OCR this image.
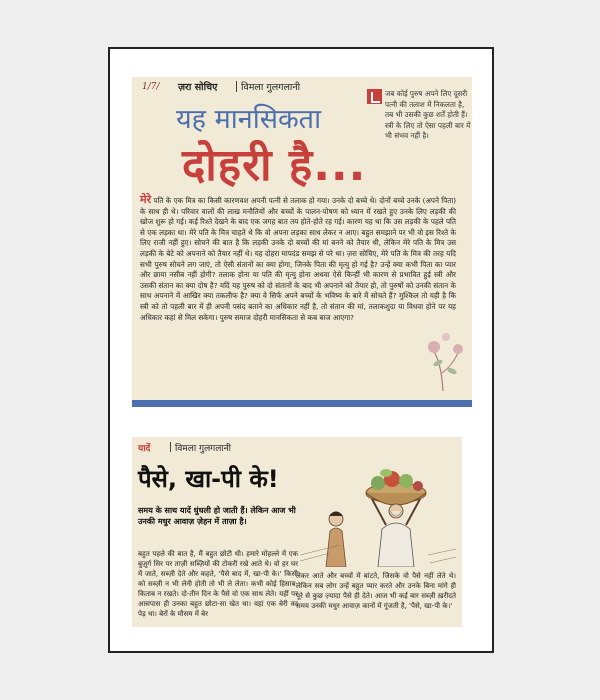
1/7/ ज़रा सोचिए विमला गुलगलानी
यह मानसिकता
दोहरी है...
जब कोई पुरुष अपने लिए दूसरी पत्नी की तलाश में निकलता है, तब भी उसकी कुछ शर्तें होती हैं। स्त्री के लिए तो ऐसा पहली बार में भी संभव नहीं है।
मेरे पति के एक मित्र का किसी कारणवश अपनी पत्नी से तलाक हो गया। उनके दो बच्चे थे। दोनों बच्चे उनके (अपने पिता) के साथ ही थे। परिवार वालों की लाख मनौतियों और बच्चों के पालन-पोषण को ध्यान में रखते हुए उनके लिए लड़की की खोज शुरू हो गई। कई रिश्ते देखने के बाद एक जगह बात तय होते-होते रह गई। कारण यह था कि उस लड़की के पहले पति से एक लड़का था। मेरे पति के मित्र चाहते थे कि वो अपना लड़का साथ लेकर न आए। बहुत समझाने पर भी वो इस रिश्ते के लिए राजी नहीं हुए। सोचने की बात है कि लड़की उनके दो बच्चों की मां बनने को तैयार थी, लेकिन मेरे पति के मित्र उस लड़की के बेटे को अपनाने को तैयार नहीं थे। यह दोहरा मापदंड समझ से परे था। ज़रा सोचिए, मेरे पति के मित्र की तरह यदि सभी पुरुष सोचने लग जाएं, तो ऐसी संतानों का क्या होगा, जिनके पिता की मृत्यु हो गई है? उन्हें क्या कभी पिता का प्यार और छाया नसीब नहीं होगी? तलाक होना या पति की मृत्यु होना अथवा ऐसे किन्हीं भी कारण से प्रभावित हुई स्त्री और उसकी संतान का क्या दोष है? यदि यह पुरुष को दो संतानों के बाद भी अपनाने को तैयार हो, तो पुरुषों को उनकी संतान के साथ अपनाने में आखिर क्या तकलीफ है? क्या वे सिर्फ अपने बच्चों के भविष्य के बारे में सोचते हैं? मुश्किल तो यही है कि स्त्री को तो पहली बार में ही अपनी पसंद बताने का अधिकार नहीं है, तो संतान की मां, तलाकशुदा या विधवा होने पर यह अधिकार कहां से मिल सकेगा। पुरुष समाज दोहरी मानसिकता से कब बाज आएगा?
यादें	विमला गुलगलानी
पैसे, खा-पी के!
समय के साथ यादें धुंधली हो जाती हैं। लेकिन आज भी उनकी मधुर आवाज़ ज़ेहन में ताज़ा है।
बहुत पहले की बात है, मैं बहुत छोटी थी। हमारे मोहल्ले में एक बुज़ुर्ग सिर पर ताज़ी सब्ज़ियों की टोकरी रखे आते थे। वो हर घर में जाते, सब्ज़ी देते और कहते, 'पैसे बाद में, खा-पी के।' किसी को सब्ज़ी न भी लेनी होती तो भी ले लेता। कभी कोई हिसाब-किताब न रखते। दो-तीन दिन के पैसे वो एक साथ लेते। यहीं पर आसपास ही उनका बहुत छोटा-सा खेत था। वहां एक बेरी का पेड़ था। बेरों के मौसम में बेर
लेकर आते और बच्चों में बांटते, जिसके वो पैसे नहीं लेते थे। लेकिन सब लोग उन्हें बहुत प्यार करते और उनके बिना मांगे ही पूरे से कुछ ज़्यादा पैसे ही देते। आज भी कई बार सब्ज़ी ख़रीदते समय उनकी मधुर आवाज़ कानों में गूंजती है, 'पैसे, खा-पी के।'
